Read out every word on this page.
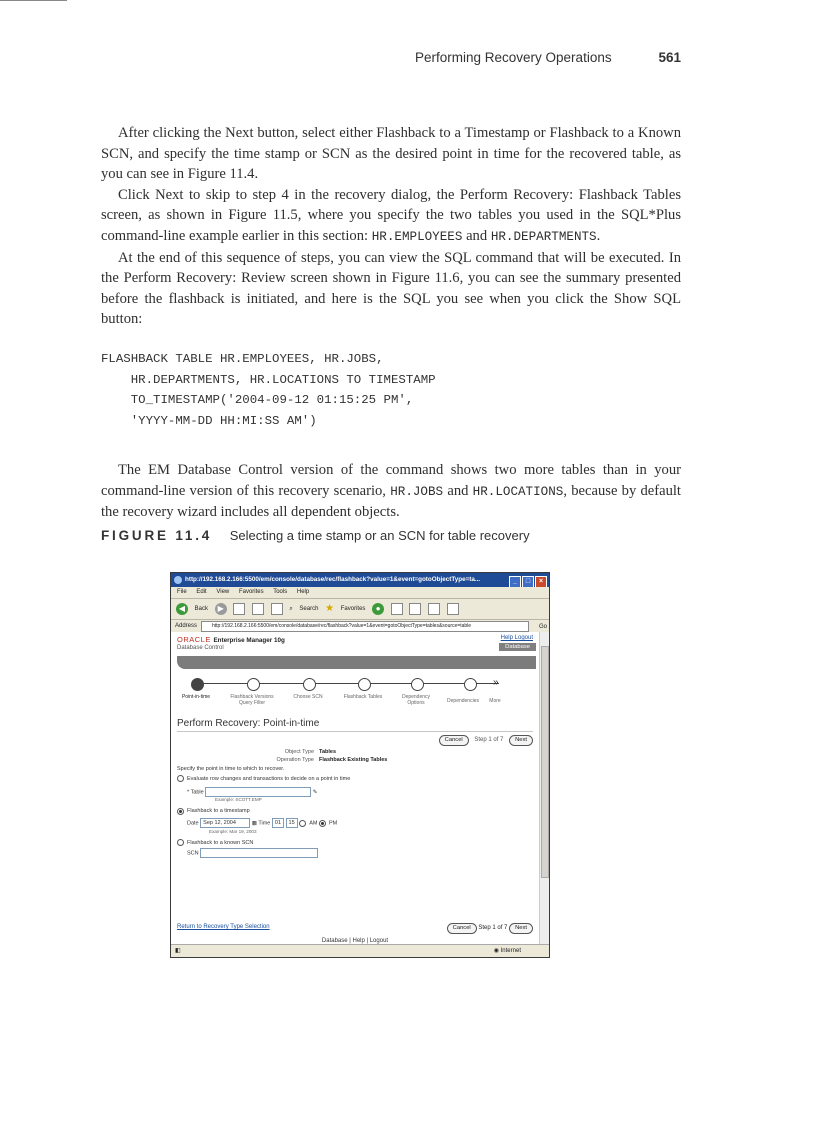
Performing Recovery Operations	561

After clicking the Next button, select either Flashback to a Timestamp or Flashback to a Known SCN, and specify the time stamp or SCN as the desired point in time for the recovered table, as you can see in Figure 11.4.

Click Next to skip to step 4 in the recovery dialog, the Perform Recovery: Flashback Tables screen, as shown in Figure 11.5, where you specify the two tables you used in the SQL*Plus command-line example earlier in this section: HR.EMPLOYEES and HR.DEPARTMENTS.

At the end of this sequence of steps, you can view the SQL command that will be executed. In the Perform Recovery: Review screen shown in Figure 11.6, you can see the summary presented before the flashback is initiated, and here is the SQL you see when you click the Show SQL button:

FLASHBACK TABLE HR.EMPLOYEES, HR.JOBS,
HR.DEPARTMENTS, HR.LOCATIONS TO TIMESTAMP
TO_TIMESTAMP('2004-09-12 01:15:25 PM',
'YYYY-MM-DD HH:MI:SS AM')

The EM Database Control version of the command shows two more tables than in your command-line version of this recovery scenario, HR.JOBS and HR.LOCATIONS, because by default the recovery wizard includes all dependent objects.

FIGURE 11.4 Selecting a time stamp or an SCN for table recovery
http://192.168.2.166:5500/em/console/database/rec/flashback?value=1&event=gotoObjectType=ta...	_ □ ×
File Edit View Favorites Tools Help
◀ Back ▶	⌕ Search ★ Favorites ●
Address	http://192.168.2.166:5500/em/console/database/rec/flashback?value=1&event=gotoObjectType=tables&source=table	Go
ORACLE Enterprise Manager 10g
Database Control
Help Logout
Database
»
Point-in-time	Flashback Versions Query Filter
Choose SCN	Flashback Tables	Dependency Options	Dependencies	More
Perform Recovery: Point-in-time
Cancel Step 1 of 7 Next
Object Type Tables
Operation Type Flashback Existing Tables
Specify the point in time to which to recover.
Evaluate row changes and transactions to decide on a point in time
* Table	✎
Example: SCOTT.EMP
Flashback to a timestamp
Date Sep 12, 2004	▦ Time 01 15	AM PM
Example: Mar 19, 2003
Flashback to a known SCN
SCN
Return to Recovery Type Selection	Cancel Step 1 of 7 Next
Database | Help | Logout
◧	◉ Internet
